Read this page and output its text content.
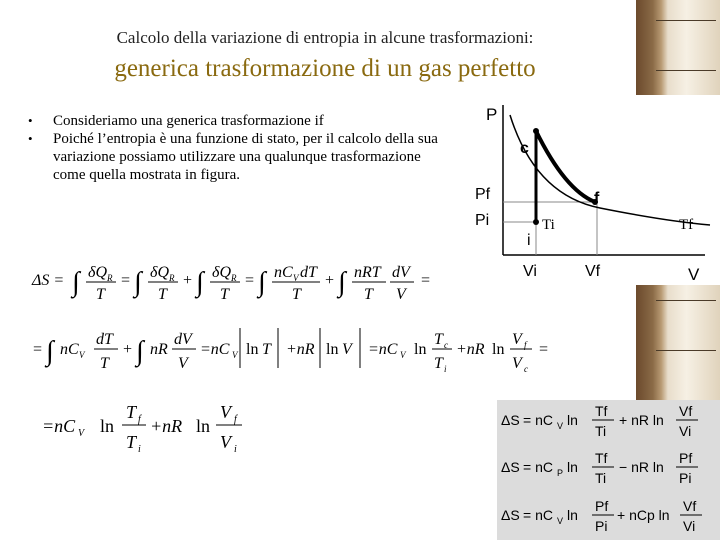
Calcolo della variazione di entropia in alcune trasformazioni:
generica trasformazione di un gas perfetto
• Consideriamo una generica trasformazione if
• Poiché l’entropia è una funzione di stato, per il calcolo della sua variazione possiamo utilizzare una qualunque trasformazione come quella mostrata in figura.
P
V
c
f
i
Pf
Pi	Ti	Tf
Vi	Vf
ΔS = ∫ δQ R
T
= ∫ δQ R
T
+ ∫ δQ R
T
= ∫ nC V dT
T
+ ∫ nRT
T
dV
V
=
= ∫ nC V
dT
T
+ ∫ nR
dV
V
=nC V ln T +nR ln V =nC V ln
T c
T i
+nR ln
V f
V c
=
=nC V ln
T f
T i
+nR ln
V f
V i
ΔS = nC V ln
Tf
Ti
+ nR ln
Vf
Vi
ΔS = nC P ln
Tf
Ti
− nR ln
Pf
Pi
ΔS = nC V ln
Pf
Pi
+ nCp ln
Vf
Vi
